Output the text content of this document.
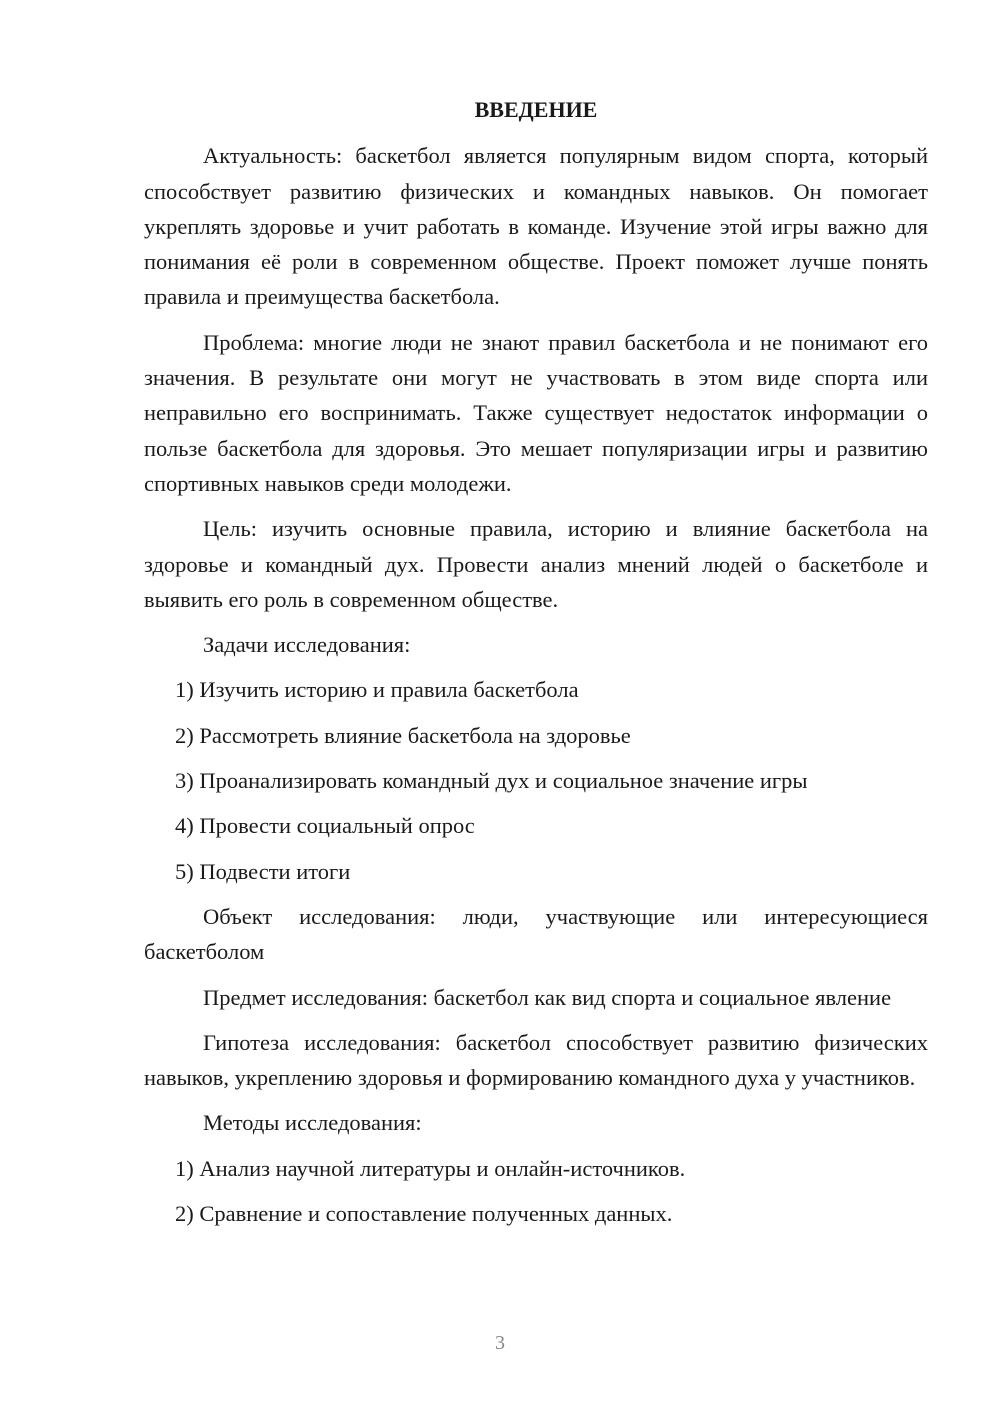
ВВЕДЕНИЕ

Актуальность: баскетбол является популярным видом спорта, который способствует развитию физических и командных навыков. Он помогает укреплять здоровье и учит работать в команде. Изучение этой игры важно для понимания её роли в современном обществе. Проект поможет лучше понять правила и преимущества баскетбола.

Проблема: многие люди не знают правил баскетбола и не понимают его значения. В результате они могут не участвовать в этом виде спорта или неправильно его воспринимать. Также существует недостаток информации о пользе баскетбола для здоровья. Это мешает популяризации игры и развитию спортивных навыков среди молодежи.

Цель: изучить основные правила, историю и влияние баскетбола на здоровье и командный дух. Провести анализ мнений людей о баскетболе и выявить его роль в современном обществе.

Задачи исследования:

1) Изучить историю и правила баскетбола
2) Рассмотреть влияние баскетбола на здоровье
3) Проанализировать командный дух и социальное значение игры
4) Провести социальный опрос
5) Подвести итоги

Объект исследования: люди, участвующие или интересующиеся баскетболом

Предмет исследования: баскетбол как вид спорта и социальное явление

Гипотеза исследования: баскетбол способствует развитию физических навыков, укреплению здоровья и формированию командного духа у участников.

Методы исследования:

1) Анализ научной литературы и онлайн-источников.
2) Сравнение и сопоставление полученных данных.
3
